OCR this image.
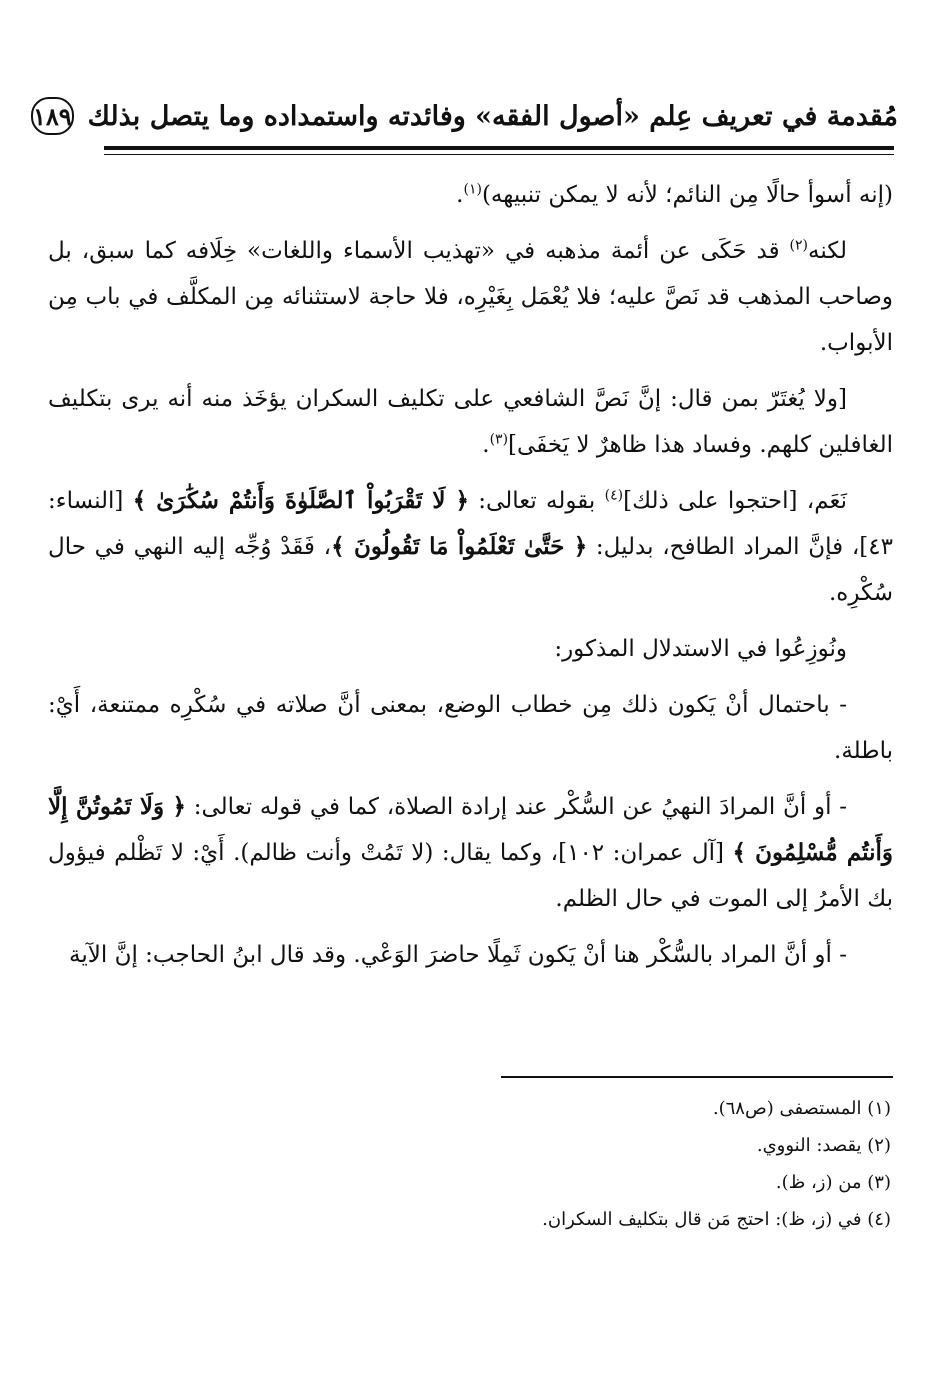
مُقدمة في تعريف عِلم «أصول الفقه» وفائدته واستمداده وما يتصل بذلك
١٨٩

(إنه أسوأ حالًا مِن النائم؛ لأنه لا يمكن تنبيهه)$^{(١)}$.

لكنه$^{(٢)}$ قد حَكَى عن أئمة مذهبه في «تهذيب الأسماء واللغات» خِلَافه كما سبق، بل وصاحب المذهب قد نَصَّ عليه؛ فلا يُعْمَل بِغَيْرِه، فلا حاجة لاستثنائه مِن المكلَّف في باب مِن الأبواب.

[ولا يُغتَرّ بمن قال: إنَّ نَصَّ الشافعي على تكليف السكران يؤخَذ منه أنه يرى بتكليف الغافلين كلهم. وفساد هذا ظاهرٌ لا يَخفَى]$^{(٣)}$.

نَعَم، [احتجوا على ذلك]$^{(٤)}$ بقوله تعالى: ﴿ لَا تَقْرَبُواْ ٱلصَّلَوٰةَ وَأَنتُمْ سُكَٰرَىٰ ﴾ [النساء: ٤٣]، فإنَّ المراد الطافح، بدليل: ﴿ حَتَّىٰ تَعْلَمُواْ مَا تَقُولُونَ ﴾، فَقَدْ وُجِّه إليه النهي في حال سُكْرِه.

ونُوزِعُوا في الاستدلال المذكور:

- باحتمال أنْ يَكون ذلك مِن خطاب الوضع، بمعنى أنَّ صلاته في سُكْرِه ممتنعة، أَيْ: باطلة.

- أو أنَّ المرادَ النهيُ عن السُّكْر عند إرادة الصلاة، كما في قوله تعالى: ﴿ وَلَا تَمُوتُنَّ إِلَّا وَأَنتُم مُّسْلِمُونَ ﴾ [آل عمران: ١٠٢]، وكما يقال: (لا تَمُتْ وأنت ظالم). أَيْ: لا تَظْلم فيؤول بك الأمرُ إلى الموت في حال الظلم.

- أو أنَّ المراد بالسُّكْر هنا أنْ يَكون ثَمِلًا حاضرَ الوَعْي. وقد قال ابنُ الحاجب: إنَّ الآية

(١) المستصفى (ص٦٨).

(٢) يقصد: النووي.

(٣) من (ز، ظ).

(٤) في (ز، ظ): احتج مَن قال بتكليف السكران.
